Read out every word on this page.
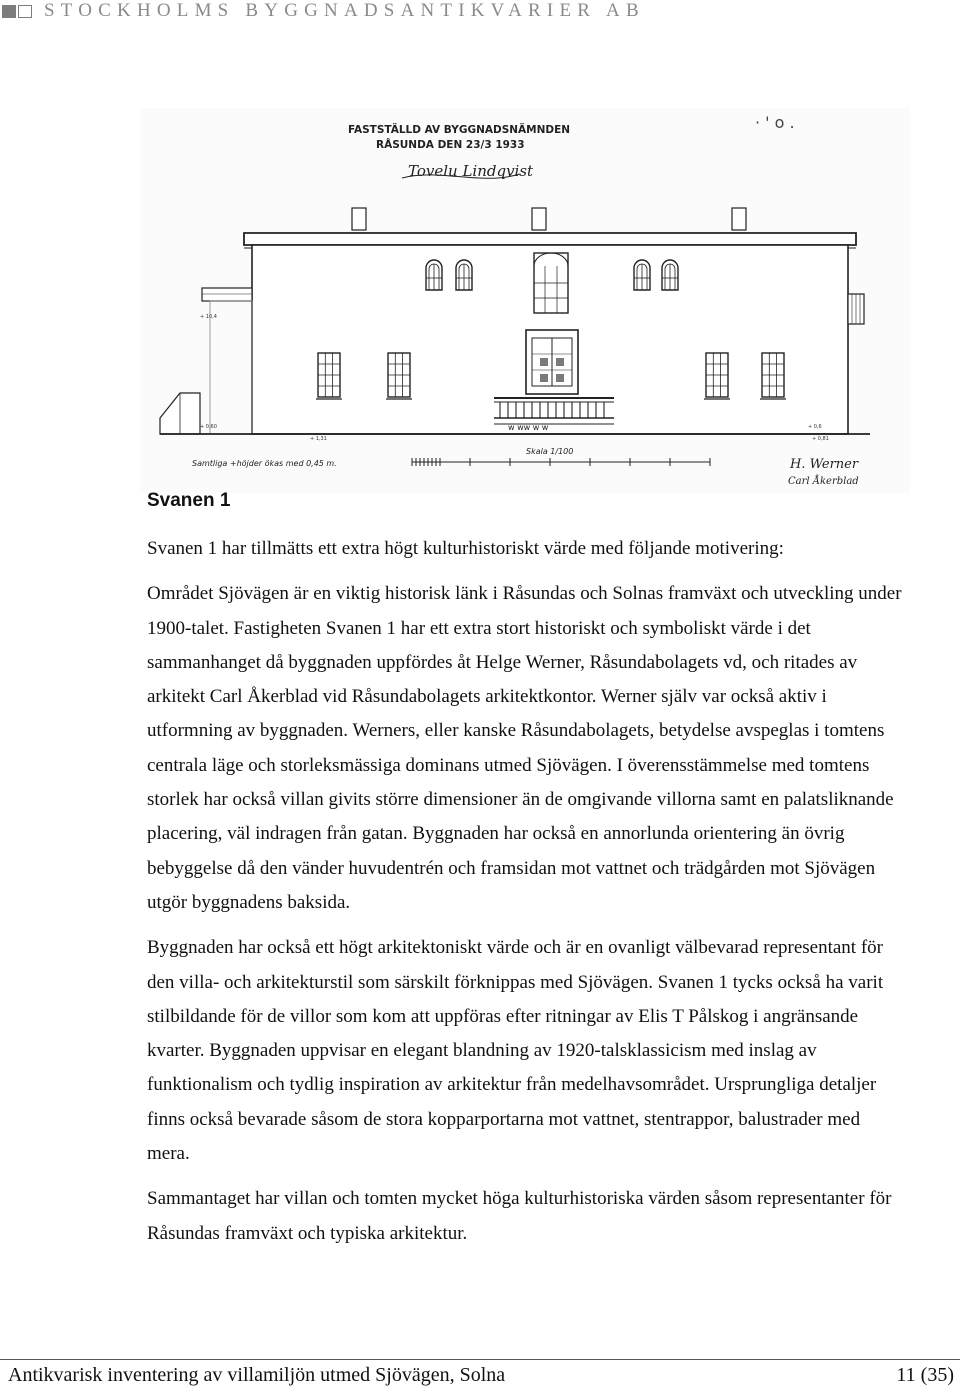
STOCKHOLMS BYGGNADSANTIKVARIER AB
FASTSTÄLLD AV BYGGNADSNÄMNDEN
RÅSUNDA DEN 23/3 1933
Tovelu Lindqvist
· ' o .
+ 10,4
w ww w w
+ 0,60	+ 0,6
+ 0,81
+ 1,31
Skala 1/100
Samtliga +höjder ökas med 0,45 m.	H. Werner
Carl Åkerblad
Svanen 1

Svanen 1 har tillmätts ett extra högt kulturhistoriskt värde med följande motivering:

Området Sjövägen är en viktig historisk länk i Råsundas och Solnas framväxt och utveckling under 1900-talet. Fastigheten Svanen 1 har ett extra stort historiskt och symboliskt värde i det sammanhanget då byggnaden uppfördes åt Helge Werner, Råsundabolagets vd, och ritades av arkitekt Carl Åkerblad vid Råsundabolagets arkitektkontor. Werner själv var också aktiv i utformning av byggnaden. Werners, eller kanske Råsundabolagets, betydelse avspeglas i tomtens centrala läge och storleksmässiga dominans utmed Sjövägen. I överensstämmelse med tomtens storlek har också villan givits större dimensioner än de omgivande villorna samt en palatsliknande placering, väl indragen från gatan. Byggnaden har också en annorlunda orientering än övrig bebyggelse då den vänder huvudentrén och framsidan mot vattnet och trädgården mot Sjövägen utgör byggnadens baksida.

Byggnaden har också ett högt arkitektoniskt värde och är en ovanligt välbevarad representant för den villa- och arkitekturstil som särskilt förknippas med Sjövägen. Svanen 1 tycks också ha varit stilbildande för de villor som kom att uppföras efter ritningar av Elis T Pålskog i angränsande kvarter. Byggnaden uppvisar en elegant blandning av 1920-talsklassicism med inslag av funktionalism och tydlig inspiration av arkitektur från medelhavsområdet. Ursprungliga detaljer finns också bevarade såsom de stora kopparportarna mot vattnet, stentrappor, balustrader med mera.

Sammantaget har villan och tomten mycket höga kulturhistoriska värden såsom representanter för Råsundas framväxt och typiska arkitektur.

Antikvarisk inventering av villamiljön utmed Sjövägen, Solna	11 (35)
